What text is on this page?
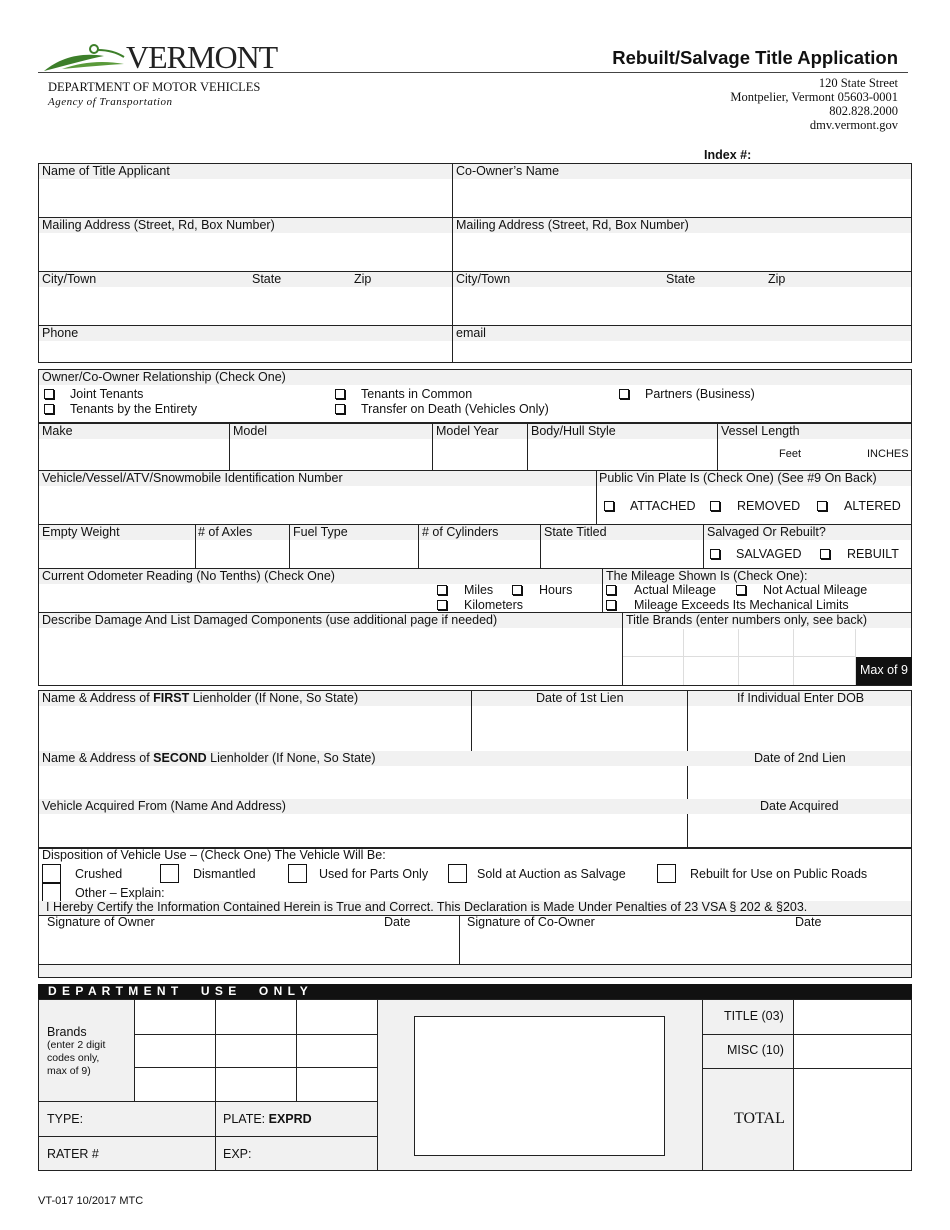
VERMONT
DEPARTMENT OF MOTOR VEHICLES
Agency of Transportation
Rebuilt/Salvage Title Application
120 State Street
Montpelier, Vermont 05603-0001
802.828.2000
dmv.vermont.gov
Index #:
Name of Title Applicant	Co-Owner’s Name
Mailing Address (Street, Rd, Box Number)	Mailing Address (Street, Rd, Box Number)
City/Town	State	Zip	City/Town	State	Zip
Phone	email
Owner/Co-Owner Relationship (Check One)
Joint Tenants
Tenants by the Entirety
Tenants in Common
Transfer on Death (Vehicles Only)
Partners (Business)
Make	Model	Model Year	Body/Hull Style	Vessel Length
Feet	INCHES
Vehicle/Vessel/ATV/Snowmobile Identification Number	Public Vin Plate Is (Check One) (See #9 On Back)
ATTACHED	REMOVED	ALTERED
Empty Weight	# of Axles	Fuel Type	# of Cylinders	State Titled	Salvaged Or Rebuilt?
SALVAGED	REBUILT
Current Odometer Reading (No Tenths) (Check One)	The Mileage Shown Is (Check One):
Miles	Hours
Kilometers
Actual Mileage	Not Actual Mileage
Mileage Exceeds Its Mechanical Limits
Describe Damage And List Damaged Components (use additional page if needed)	Title Brands (enter numbers only, see back)
Max of 9
Name & Address of FIRST Lienholder (If None, So State)	Date of 1st Lien	If Individual Enter DOB
Name & Address of SECOND Lienholder (If None, So State)	Date of 2nd Lien
Vehicle Acquired From (Name And Address)	Date Acquired
Disposition of Vehicle Use – (Check One) The Vehicle Will Be:
Crushed	Dismantled	Used for Parts Only	Sold at Auction as Salvage	Rebuilt for Use on Public Roads
Other – Explain:
I Hereby Certify the Information Contained Herein is True and Correct. This Declaration is Made Under Penalties of 23 VSA § 202 & §203.
Signature of Owner	Date	Signature of Co-Owner	Date
D E P A R T M E N T     U S E     O N L Y
Brands
(enter 2 digit
codes only,
max of 9)
TYPE:	PLATE: EXPRD
RATER #	EXP:
TITLE (03)
MISC (10)
TOTAL
VT-017 10/2017 MTC
